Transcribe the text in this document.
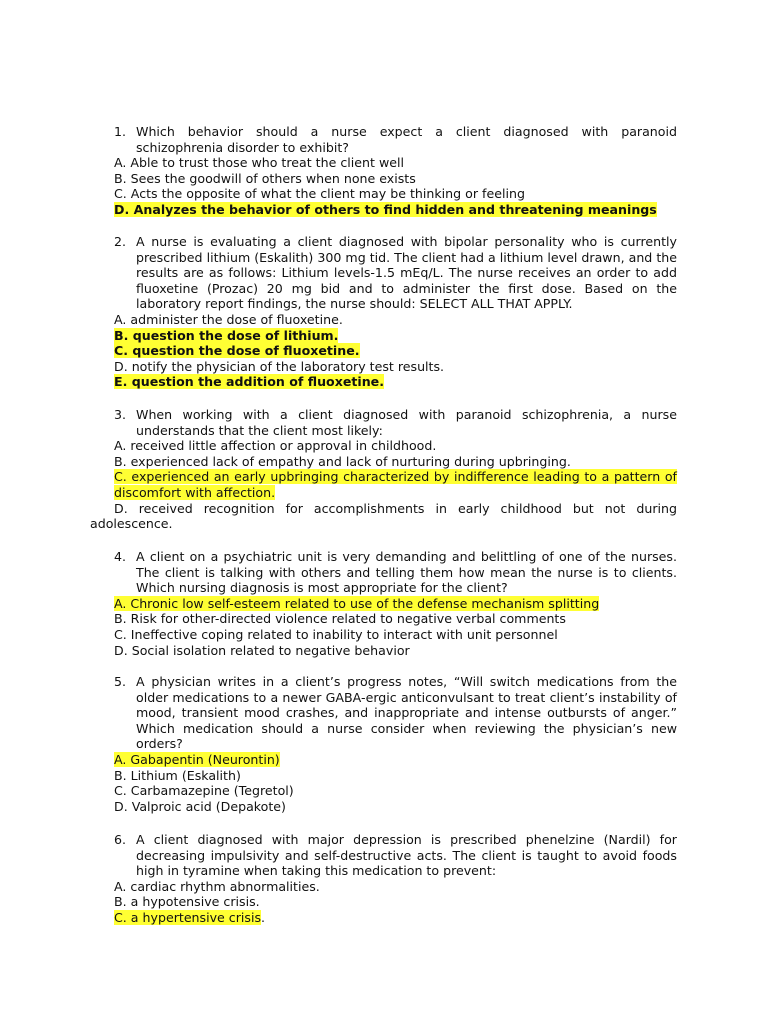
1. Which behavior should a nurse expect a client diagnosed with paranoid schizophrenia disorder to exhibit?
A. Able to trust those who treat the client well
B. Sees the goodwill of others when none exists
C. Acts the opposite of what the client may be thinking or feeling
D. Analyzes the behavior of others to find hidden and threatening meanings
2. A nurse is evaluating a client diagnosed with bipolar personality who is currently prescribed lithium (Eskalith) 300 mg tid. The client had a lithium level drawn, and the results are as follows: Lithium levels-1.5 mEq/L. The nurse receives an order to add fluoxetine (Prozac) 20 mg bid and to administer the first dose. Based on the laboratory report findings, the nurse should: SELECT ALL THAT APPLY.
A. administer the dose of fluoxetine.
B. question the dose of lithium.
C. question the dose of fluoxetine.
D. notify the physician of the laboratory test results.
E. question the addition of fluoxetine.
3. When working with a client diagnosed with paranoid schizophrenia, a nurse understands that the client most likely:
A. received little affection or approval in childhood.
B. experienced lack of empathy and lack of nurturing during upbringing.
C. experienced an early upbringing characterized by indifference leading to a pattern of discomfort with affection.
D. received recognition for accomplishments in early childhood but not during adolescence.
4. A client on a psychiatric unit is very demanding and belittling of one of the nurses. The client is talking with others and telling them how mean the nurse is to clients. Which nursing diagnosis is most appropriate for the client?
A. Chronic low self-esteem related to use of the defense mechanism splitting
B. Risk for other-directed violence related to negative verbal comments
C. Ineffective coping related to inability to interact with unit personnel
D. Social isolation related to negative behavior
5. A physician writes in a client’s progress notes, “Will switch medications from the older medications to a newer GABA-ergic anticonvulsant to treat client’s instability of mood, transient mood crashes, and inappropriate and intense outbursts of anger.” Which medication should a nurse consider when reviewing the physician’s new orders?
A. Gabapentin (Neurontin)
B. Lithium (Eskalith)
C. Carbamazepine (Tegretol)
D. Valproic acid (Depakote)
6. A client diagnosed with major depression is prescribed phenelzine (Nardil) for decreasing impulsivity and self-destructive acts. The client is taught to avoid foods high in tyramine when taking this medication to prevent:
A. cardiac rhythm abnormalities.
B. a hypotensive crisis.
C. a hypertensive crisis.
